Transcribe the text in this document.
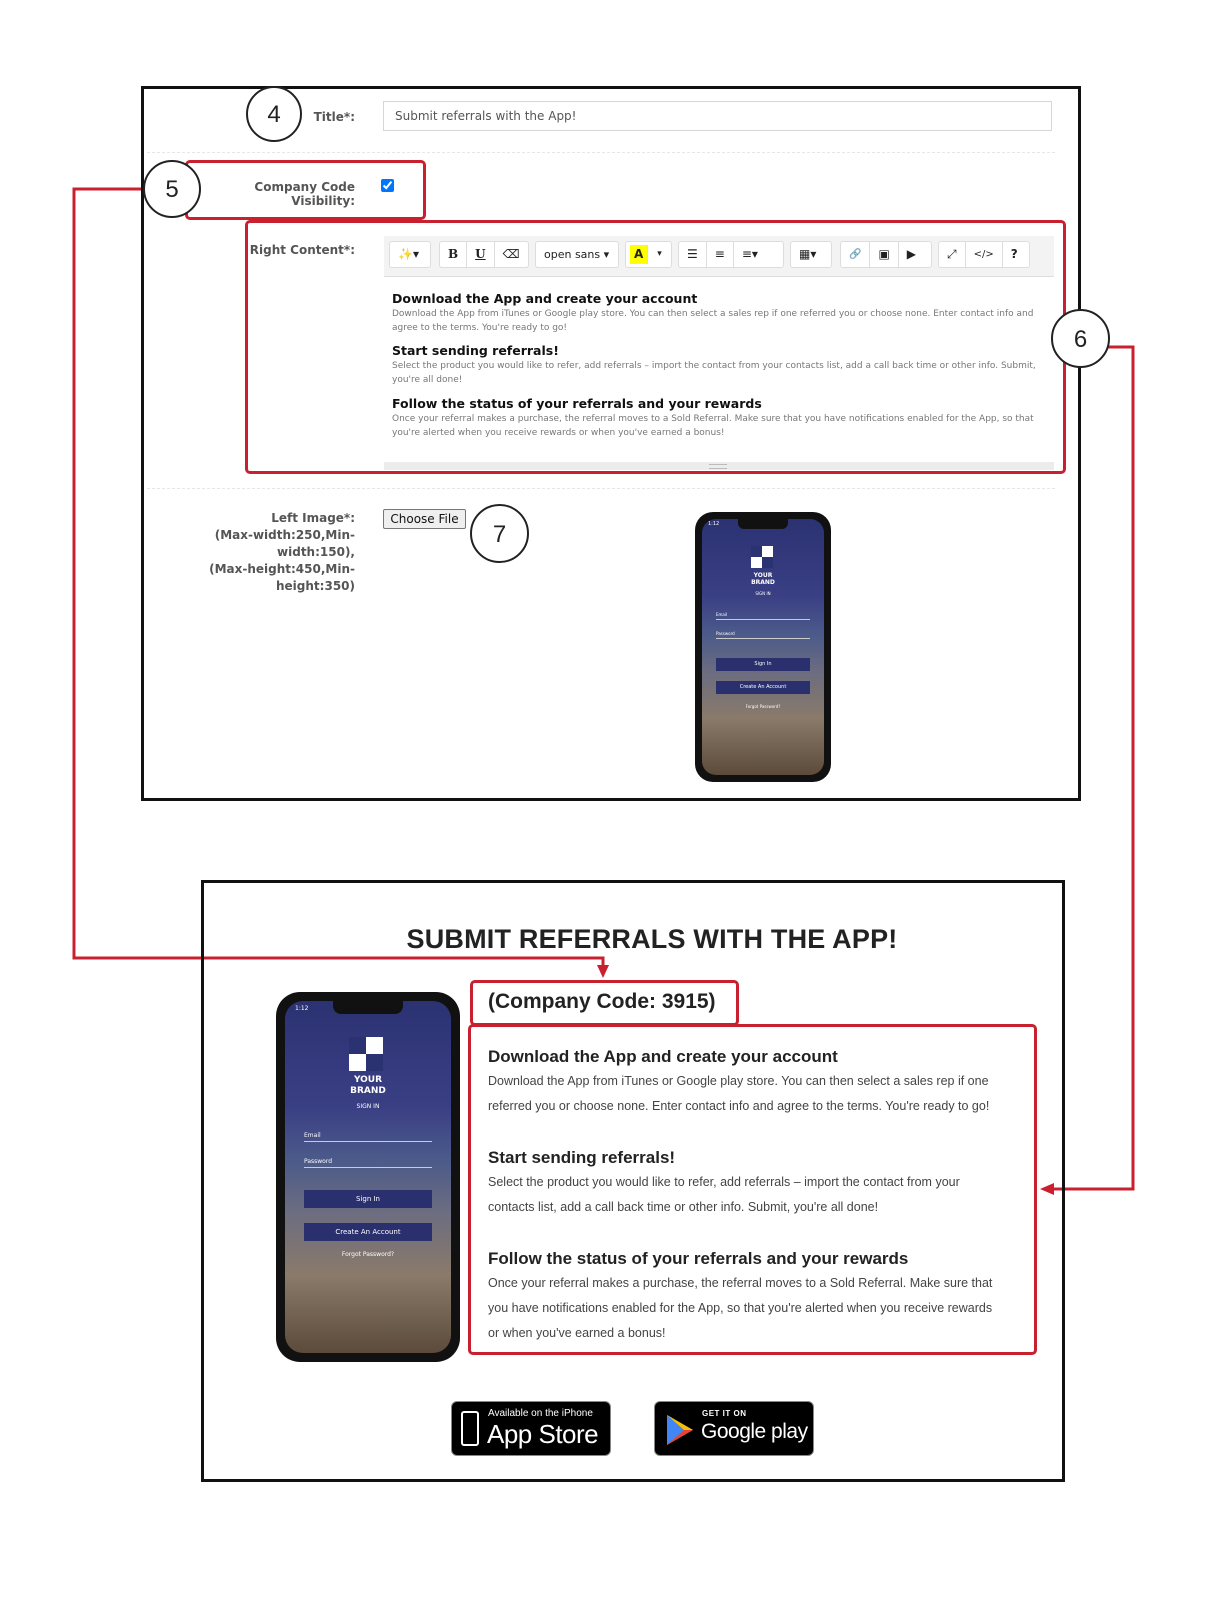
4	Title*:	Submit referrals with the App!
5	Company Code Visibility:
Right Content*:	✨▾	B	U	⌫	open sans ▾	A	▾	☰	≡	≡▾	▦▾	🔗	▣	▶	⤢	</>	?

Download the App and create your account

Download the App from iTunes or Google play store. You can then select a sales rep if one referred you or choose none. Enter contact info and agree to the terms. You're ready to go!

Start sending referrals!

Select the product you would like to refer, add referrals – import the contact from your contacts list, add a call back time or other info. Submit, you're all done!

Follow the status of your referrals and your rewards

Once your referral makes a purchase, the referral moves to a Sold Referral. Make sure that you have notifications enabled for the App, so that you're alerted when you receive rewards or when you've earned a bonus!

6
Left Image*:
(Max-width:250,Min-width:150),
(Max-height:450,Min-height:350)
Choose File
7	1:12
YOUR
BRAND
SIGN IN
Email
Password
Sign In
Create An Account
Forgot Password?
SUBMIT REFERRALS WITH THE APP!
(Company Code: 3915)

Download the App and create your account

Download the App from iTunes or Google play store. You can then select a sales rep if one
referred you or choose none. Enter contact info and agree to the terms. You're ready to go!

Start sending referrals!

Select the product you would like to refer, add referrals – import the contact from your
contacts list, add a call back time or other info. Submit, you're all done!

Follow the status of your referrals and your rewards

Once your referral makes a purchase, the referral moves to a Sold Referral. Make sure that
you have notifications enabled for the App, so that you're alerted when you receive rewards
or when you've earned a bonus!

1:12
YOUR
BRAND
SIGN IN
Email
Password
Sign In
Create An Account
Forgot Password?
Available on the iPhone
App Store
GET IT ON
Google play
